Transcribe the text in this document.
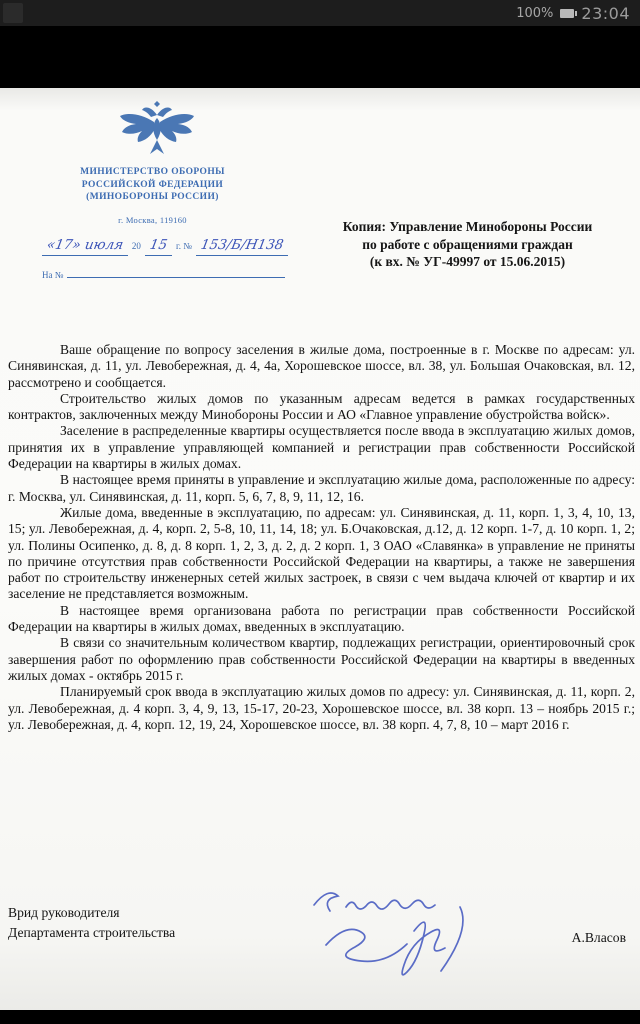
100% 23:04
МИНИСТЕРСТВО ОБОРОНЫ
РОССИЙСКОЙ ФЕДЕРАЦИИ
(МИНОБОРОНЫ РОССИИ)
г. Москва, 119160
«17» июля 20 15 г. № 153/Б/Н138
На №
Копия: Управление Минобороны России
по работе с обращениями граждан
(к вх. № УГ-49997 от 15.06.2015)

Ваше обращение по вопросу заселения в жилые дома, построенные в г. Москве по адресам: ул. Синявинская, д. 11, ул. Левобережная, д. 4, 4а, Хорошевское шоссе, вл. 38, ул. Большая Очаковская, вл. 12, рассмотрено и сообщается.

Строительство жилых домов по указанным адресам ведется в рамках государственных контрактов, заключенных между Минобороны России и АО «Главное управление обустройства войск».

Заселение в распределенные квартиры осуществляется после ввода в эксплуатацию жилых домов, принятия их в управление управляющей компанией и регистрации прав собственности Российской Федерации на квартиры в жилых домах.

В настоящее время приняты в управление и эксплуатацию жилые дома, расположенные по адресу: г. Москва, ул. Синявинская, д. 11, корп. 5, 6, 7, 8, 9, 11, 12, 16.

Жилые дома, введенные в эксплуатацию, по адресам: ул. Синявинская, д. 11, корп. 1, 3, 4, 10, 13, 15; ул. Левобережная, д. 4, корп. 2, 5-8, 10, 11, 14, 18; ул. Б.Очаковская, д.12, д. 12 корп. 1-7, д. 10 корп. 1, 2; ул. Полины Осипенко, д. 8, д. 8 корп. 1, 2, 3, д. 2, д. 2 корп. 1, 3 ОАО «Славянка» в управление не приняты по причине отсутствия прав собственности Российской Федерации на квартиры, а также не завершения работ по строительству инженерных сетей жилых застроек, в связи с чем выдача ключей от квартир и их заселение не представляется возможным.

В настоящее время организована работа по регистрации прав собственности Российской Федерации на квартиры в жилых домах, введенных в эксплуатацию.

В связи со значительным количеством квартир, подлежащих регистрации, ориентировочный срок завершения работ по оформлению прав собственности Российской Федерации на квартиры в введенных жилых домах - октябрь 2015 г.

Планируемый срок ввода в эксплуатацию жилых домов по адресу: ул. Синявинская, д. 11, корп. 2, ул. Левобережная, д. 4 корп. 3, 4, 9, 13, 15-17, 20-23, Хорошевское шоссе, вл. 38 корп. 13 – ноябрь 2015 г.; ул. Левобережная, д. 4, корп. 12, 19, 24, Хорошевское шоссе, вл. 38 корп. 4, 7, 8, 10 – март 2016 г.

Врид руководителя
Департамента строительства	А.Власов
